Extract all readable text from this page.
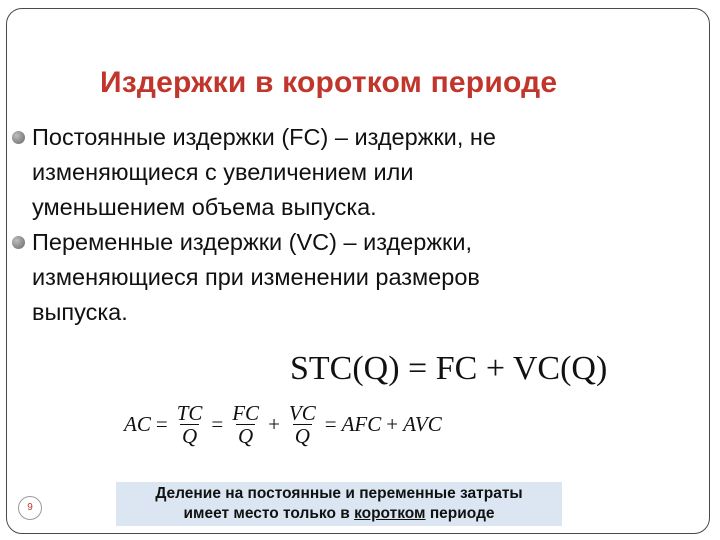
Издержки в коротком периоде
Постоянные издержки (FC) – издержки, не
изменяющиеся с увеличением или
уменьшением объема выпуска.
Переменные издержки (VC) – издержки,
изменяющиеся при изменении размеров
выпуска.
STC(Q) = FC + VC(Q)
AC = $\frac{TC}{Q} = \frac{FC}{Q} + \frac{VC}{Q}$ = AFC + AVC
Деление на постоянные и переменные затраты
имеет место только в коротком периоде
9
